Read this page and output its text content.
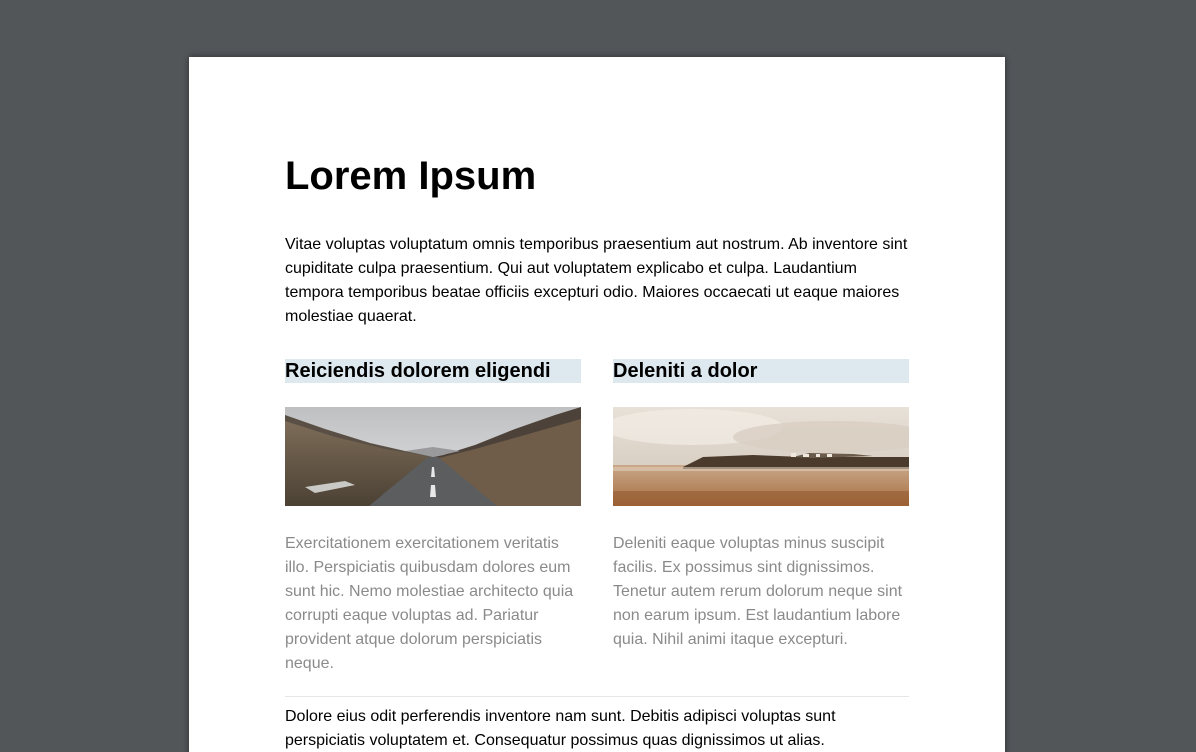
Lorem Ipsum

Vitae voluptas voluptatum omnis temporibus praesentium aut nostrum. Ab inventore sint cupiditate culpa praesentium. Qui aut voluptatem explicabo et culpa. Laudantium tempora temporibus beatae officiis excepturi odio. Maiores occaecati ut eaque maiores molestiae quaerat.

Reiciendis dolorem eligendi

Exercitationem exercitationem veritatis illo. Perspiciatis quibusdam dolores eum sunt hic. Nemo molestiae architecto quia corrupti eaque voluptas ad. Pariatur provident atque dolorum perspiciatis neque.

Deleniti a dolor

Deleniti eaque voluptas minus suscipit facilis. Ex possimus sint dignissimos. Tenetur autem rerum dolorum neque sint non earum ipsum. Est laudantium labore quia. Nihil animi itaque excepturi.

Dolore eius odit perferendis inventore nam sunt. Debitis adipisci voluptas sunt perspiciatis voluptatem et. Consequatur possimus quas dignissimos ut alias.
